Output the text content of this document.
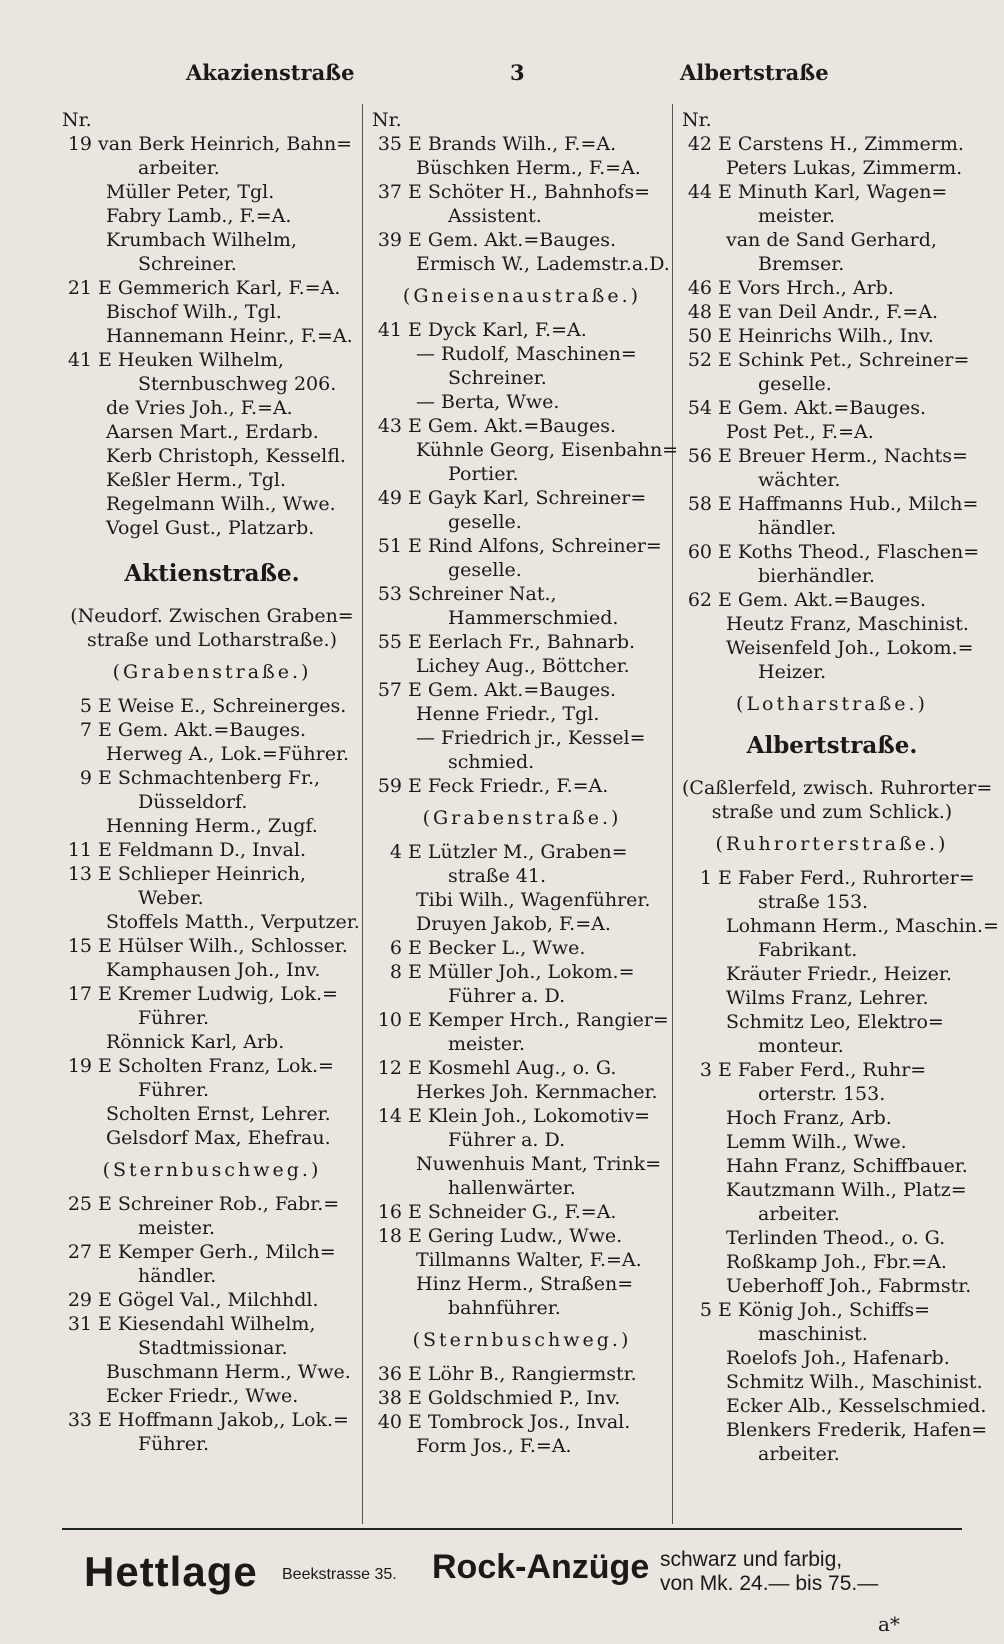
Akazienstraße	3	Albertstraße
Nr.
19 van Berk Heinrich, Bahn=
arbeiter.
Müller Peter, Tgl.
Fabry Lamb., F.=A.
Krumbach Wilhelm,
Schreiner.
21 E Gemmerich Karl, F.=A.
Bischof Wilh., Tgl.
Hannemann Heinr., F.=A.
41 E Heuken Wilhelm,
Sternbuschweg 206.
de Vries Joh., F.=A.
Aarsen Mart., Erdarb.
Kerb Christoph, Kesselfl.
Keßler Herm., Tgl.
Regelmann Wilh., Wwe.
Vogel Gust., Platzarb.
Aktienstraße.
(Neudorf. Zwischen Graben=
straße und Lotharstraße.)
(Grabenstraße.)
5 E Weise E., Schreinerges.
7 E Gem. Akt.=Bauges.
Herweg A., Lok.=Führer.
9 E Schmachtenberg Fr.,
Düsseldorf.
Henning Herm., Zugf.
11 E Feldmann D., Inval.
13 E Schlieper Heinrich,
Weber.
Stoffels Matth., Verputzer.
15 E Hülser Wilh., Schlosser.
Kamphausen Joh., Inv.
17 E Kremer Ludwig, Lok.=
Führer.
Rönnick Karl, Arb.
19 E Scholten Franz, Lok.=
Führer.
Scholten Ernst, Lehrer.
Gelsdorf Max, Ehefrau.
(Sternbuschweg.)
25 E Schreiner Rob., Fabr.=
meister.
27 E Kemper Gerh., Milch=
händler.
29 E Gögel Val., Milchhdl.
31 E Kiesendahl Wilhelm,
Stadtmissionar.
Buschmann Herm., Wwe.
Ecker Friedr., Wwe.
33 E Hoffmann Jakob,, Lok.=
Führer.
Nr.
35 E Brands Wilh., F.=A.
Büschken Herm., F.=A.
37 E Schöter H., Bahnhofs=
Assistent.
39 E Gem. Akt.=Bauges.
Ermisch W., Lademstr.a.D.
(Gneisenaustraße.)
41 E Dyck Karl, F.=A.
— Rudolf, Maschinen=
Schreiner.
— Berta, Wwe.
43 E Gem. Akt.=Bauges.
Kühnle Georg, Eisenbahn=
Portier.
49 E Gayk Karl, Schreiner=
geselle.
51 E Rind Alfons, Schreiner=
geselle.
53 Schreiner Nat.,
Hammerschmied.
55 E Eerlach Fr., Bahnarb.
Lichey Aug., Böttcher.
57 E Gem. Akt.=Bauges.
Henne Friedr., Tgl.
— Friedrich jr., Kessel=
schmied.
59 E Feck Friedr., F.=A.
(Grabenstraße.)
4 E Lützler M., Graben=
straße 41.
Tibi Wilh., Wagenführer.
Druyen Jakob, F.=A.
6 E Becker L., Wwe.
8 E Müller Joh., Lokom.=
Führer a. D.
10 E Kemper Hrch., Rangier=
meister.
12 E Kosmehl Aug., o. G.
Herkes Joh. Kernmacher.
14 E Klein Joh., Lokomotiv=
Führer a. D.
Nuwenhuis Mant, Trink=
hallenwärter.
16 E Schneider G., F.=A.
18 E Gering Ludw., Wwe.
Tillmanns Walter, F.=A.
Hinz Herm., Straßen=
bahnführer.
(Sternbuschweg.)
36 E Löhr B., Rangiermstr.
38 E Goldschmied P., Inv.
40 E Tombrock Jos., Inval.
Form Jos., F.=A.
Nr.
42 E Carstens H., Zimmerm.
Peters Lukas, Zimmerm.
44 E Minuth Karl, Wagen=
meister.
van de Sand Gerhard,
Bremser.
46 E Vors Hrch., Arb.
48 E van Deil Andr., F.=A.
50 E Heinrichs Wilh., Inv.
52 E Schink Pet., Schreiner=
geselle.
54 E Gem. Akt.=Bauges.
Post Pet., F.=A.
56 E Breuer Herm., Nachts=
wächter.
58 E Haffmanns Hub., Milch=
händler.
60 E Koths Theod., Flaschen=
bierhändler.
62 E Gem. Akt.=Bauges.
Heutz Franz, Maschinist.
Weisenfeld Joh., Lokom.=
Heizer.
(Lotharstraße.)
Albertstraße.
(Caßlerfeld, zwisch. Ruhrorter=
straße und zum Schlick.)
(Ruhrorterstraße.)
1 E Faber Ferd., Ruhrorter=
straße 153.
Lohmann Herm., Maschin.=
Fabrikant.
Kräuter Friedr., Heizer.
Wilms Franz, Lehrer.
Schmitz Leo, Elektro=
monteur.
3 E Faber Ferd., Ruhr=
orterstr. 153.
Hoch Franz, Arb.
Lemm Wilh., Wwe.
Hahn Franz, Schiffbauer.
Kautzmann Wilh., Platz=
arbeiter.
Terlinden Theod., o. G.
Roßkamp Joh., Fbr.=A.
Ueberhoff Joh., Fabrmstr.
5 E König Joh., Schiffs=
maschinist.
Roelofs Joh., Hafenarb.
Schmitz Wilh., Maschinist.
Ecker Alb., Kesselschmied.
Blenkers Frederik, Hafen=
arbeiter.
Hettlage Beekstrasse 35. Rock-Anzüge schwarz und farbig,
von Mk. 24.— bis 75.—
a*
